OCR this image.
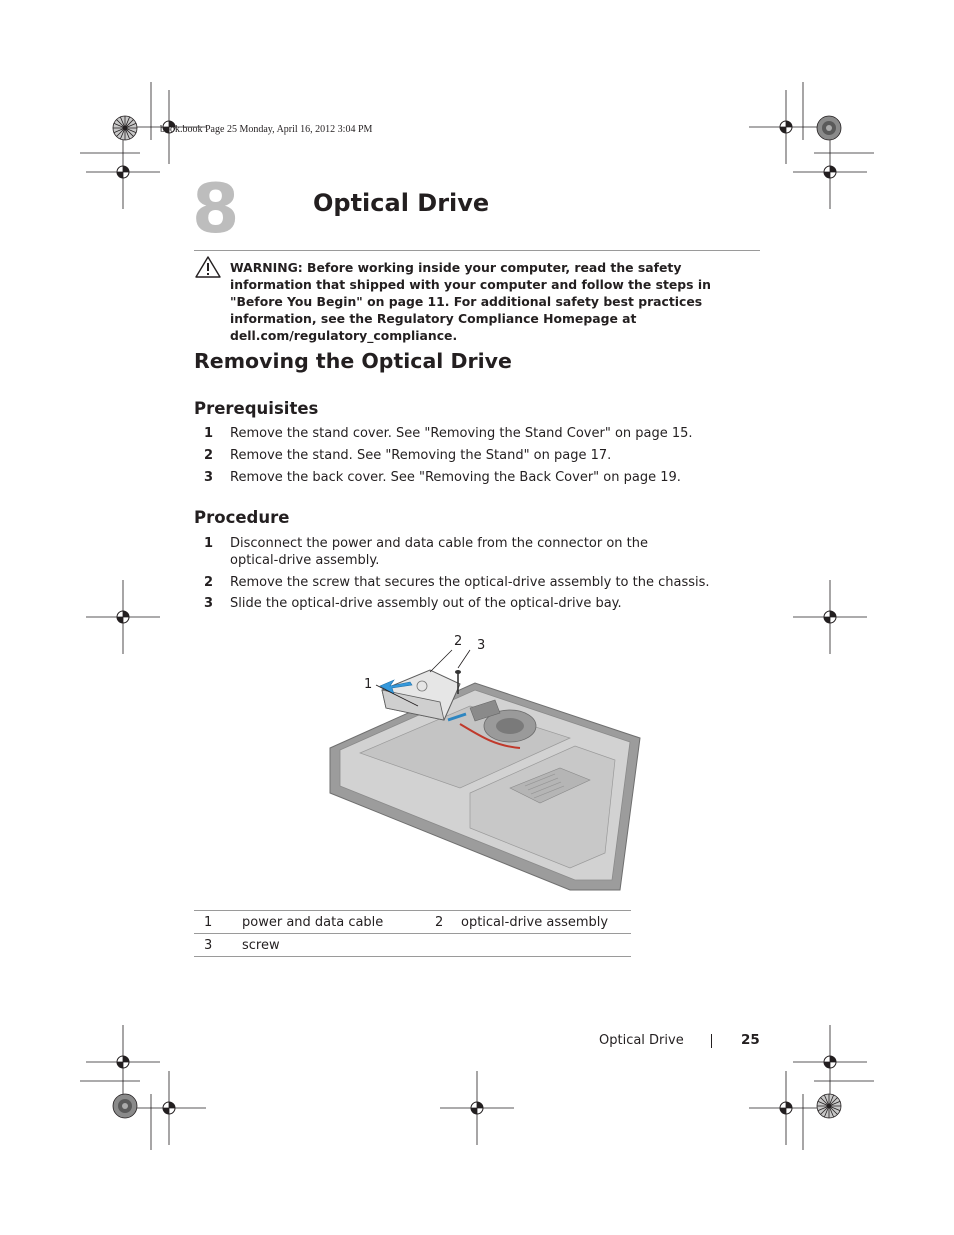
book.book Page 25 Monday, April 16, 2012 3:04 PM
8	Optical Drive
WARNING: Before working inside your computer, read the safety information that shipped with your computer and follow the steps in "Before You Begin" on page 11. For additional safety best practices information, see the Regulatory Compliance Homepage at dell.com/regulatory_compliance.
Removing the Optical Drive
Prerequisites
1 Remove the stand cover. See "Removing the Stand Cover" on page 15.
2 Remove the stand. See "Removing the Stand" on page 17.
3 Remove the back cover. See "Removing the Back Cover" on page 19.
Procedure
1 Disconnect the power and data cable from the connector on the optical-drive assembly.
2 Remove the screw that secures the optical-drive assembly to the chassis.
3 Slide the optical-drive assembly out of the optical-drive bay.
1
2 3
1	power and data cable	2	optical-drive assembly
3	screw		
Optical Drive	25
